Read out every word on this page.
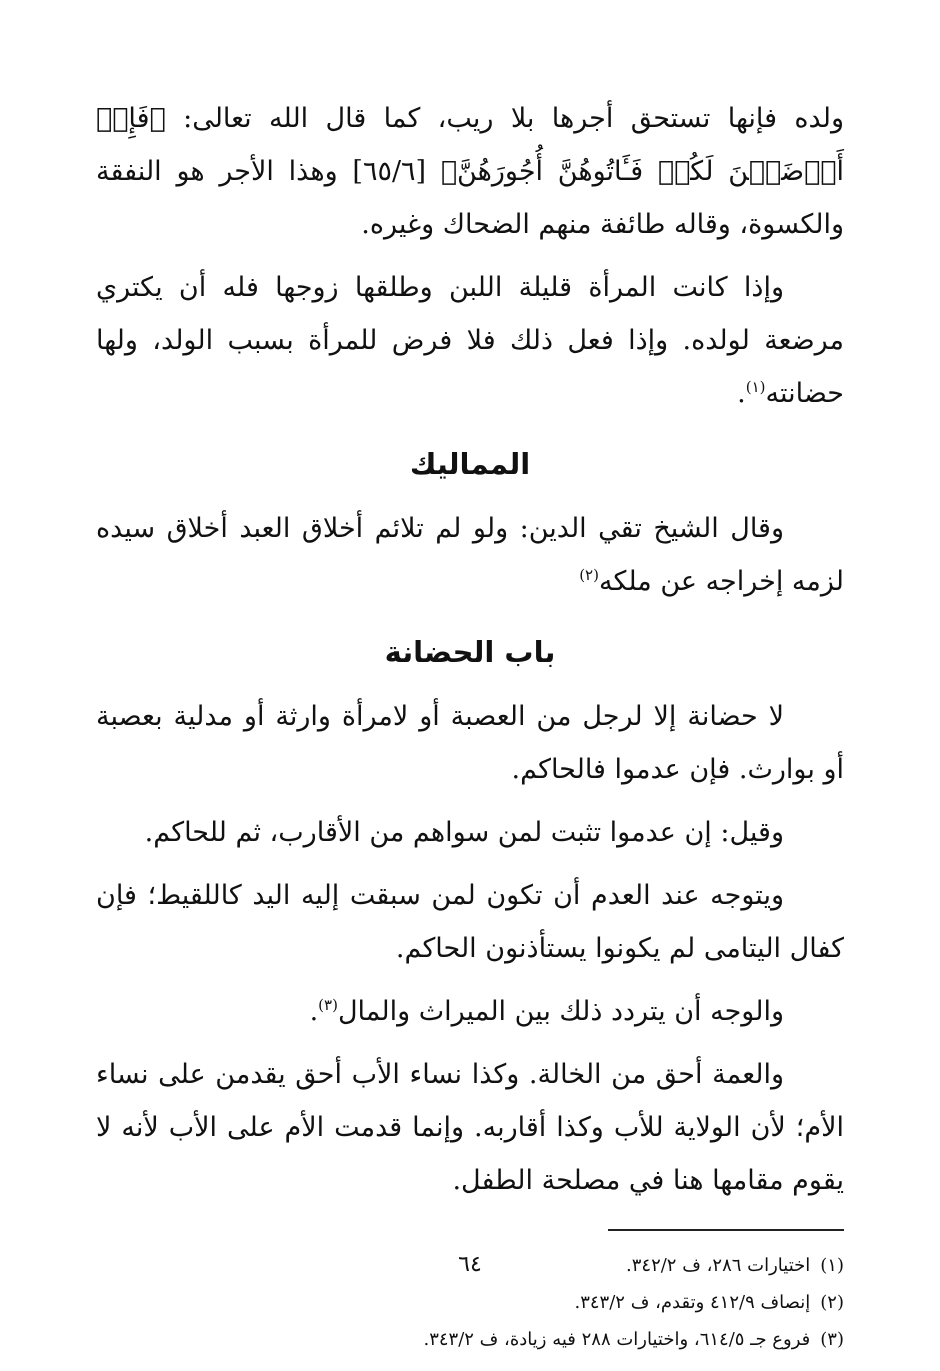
ولده فإنها تستحق أجرها بلا ريب، كما قال الله تعالى: ﴿فَإِنۡ أَرۡضَعۡنَ لَكُمۡ فَـَٔاتُوهُنَّ أُجُورَهُنَّ﴾ [٦٥/٦] وهذا الأجر هو النفقة والكسوة، وقاله طائفة منهم الضحاك وغيره.

وإذا كانت المرأة قليلة اللبن وطلقها زوجها فله أن يكتري مرضعة لولده. وإذا فعل ذلك فلا فرض للمرأة بسبب الولد، ولها حضانته$^{(١)}$.

المماليك

وقال الشيخ تقي الدين: ولو لم تلائم أخلاق العبد أخلاق سيده لزمه إخراجه عن ملكه$^{(٢)}$

باب الحضانة

لا حضانة إلا لرجل من العصبة أو لامرأة وارثة أو مدلية بعصبة أو بوارث. فإن عدموا فالحاكم.

وقيل: إن عدموا تثبت لمن سواهم من الأقارب، ثم للحاكم.

ويتوجه عند العدم أن تكون لمن سبقت إليه اليد كاللقيط؛ فإن كفال اليتامى لم يكونوا يستأذنون الحاكم.

والوجه أن يتردد ذلك بين الميراث والمال$^{(٣)}$.

والعمة أحق من الخالة. وكذا نساء الأب أحق يقدمن على نساء الأم؛ لأن الولاية للأب وكذا أقاربه. وإنما قدمت الأم على الأب لأنه لا يقوم مقامها هنا في مصلحة الطفل.

(١)اختيارات ٢٨٦، ف ٣٤٢/٢.

(٢)إنصاف ٤١٢/٩ وتقدم، ف ٣٤٣/٢.

(٣)فروع جـ ٦١٤/٥، واختيارات ٢٨٨ فيه زيادة، ف ٣٤٣/٢.

٦٤
